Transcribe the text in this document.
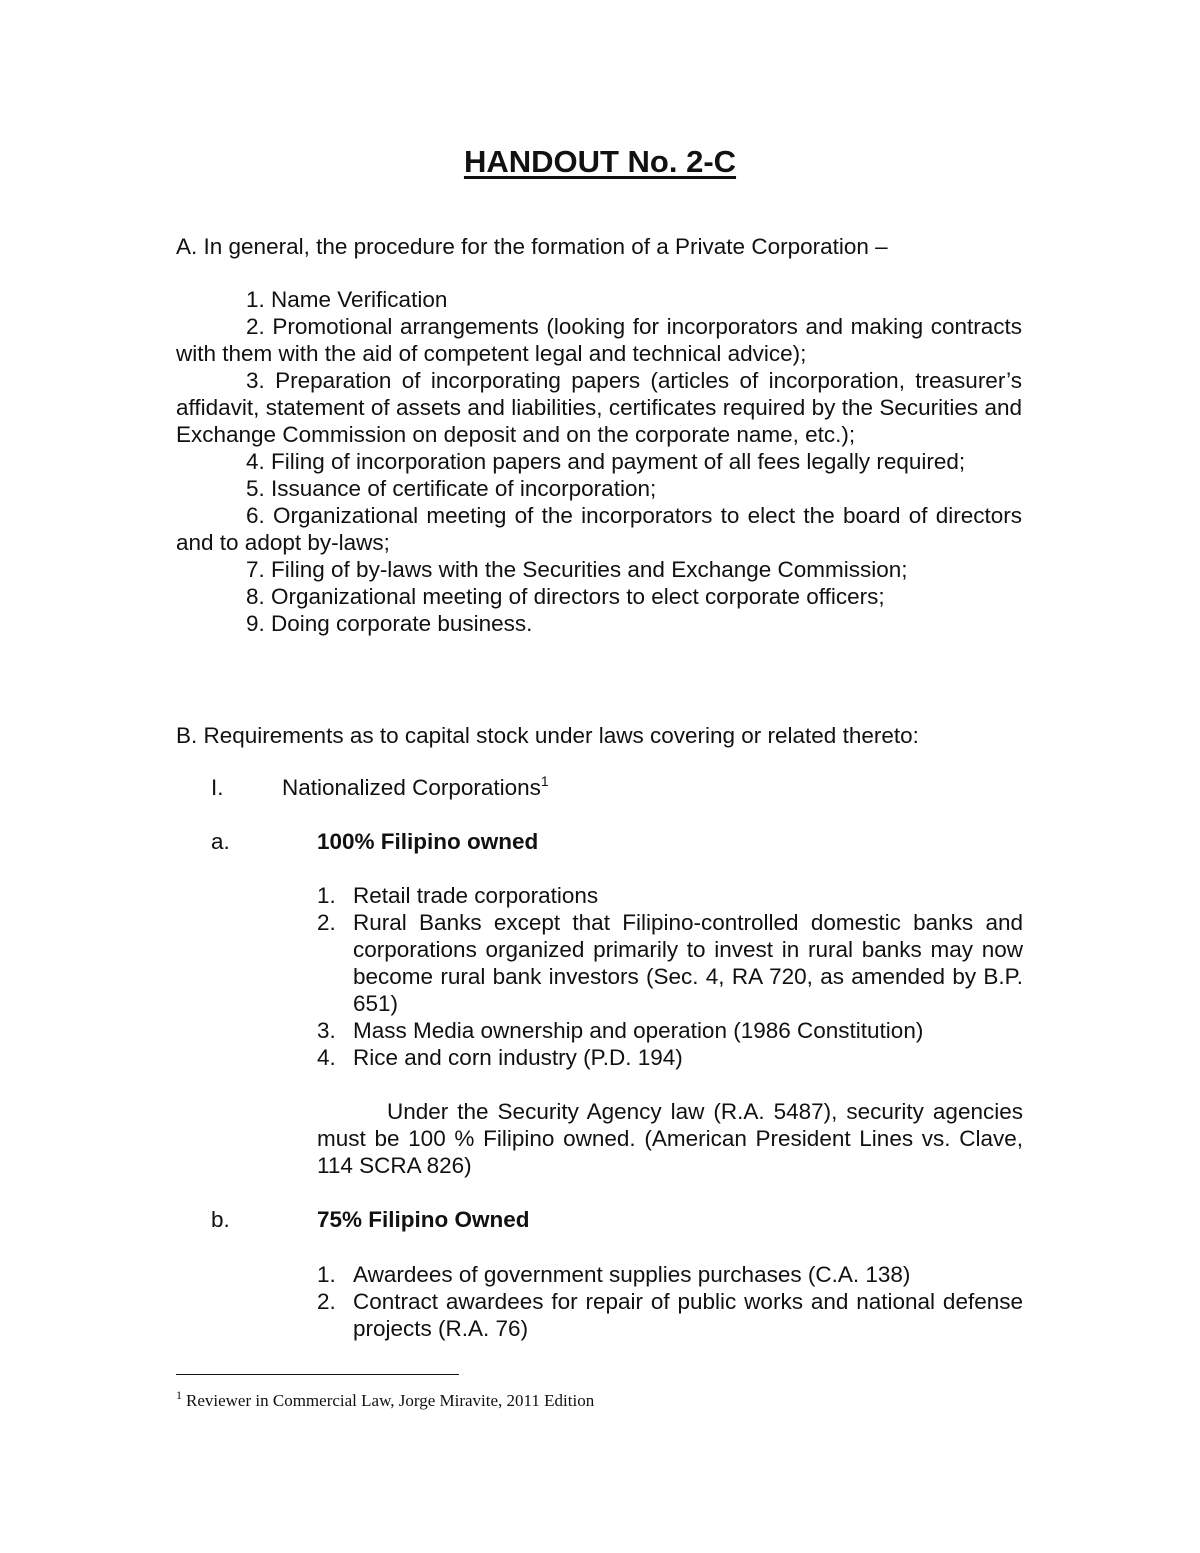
HANDOUT No. 2-C
A. In general, the procedure for the formation of a Private Corporation –

1. Name Verification

2. Promotional arrangements (looking for incorporators and making contracts with them with the aid of competent legal and technical advice);

3. Preparation of incorporating papers (articles of incorporation, treasurer’s affidavit, statement of assets and liabilities, certificates required by the Securities and Exchange Commission on deposit and on the corporate name, etc.);

4. Filing of incorporation papers and payment of all fees legally required;

5. Issuance of certificate of incorporation;

6. Organizational meeting of the incorporators to elect the board of directors and to adopt by-laws;

7. Filing of by-laws with the Securities and Exchange Commission;

8. Organizational meeting of directors to elect corporate officers;

9. Doing corporate business.

B. Requirements as to capital stock under laws covering or related thereto:
I.	Nationalized Corporations$^1$
a.	100% Filipino owned
1. Retail trade corporations
2. Rural Banks except that Filipino-controlled domestic banks and corporations organized primarily to invest in rural banks may now become rural bank investors (Sec. 4, RA 720, as amended by B.P. 651)
3. Mass Media ownership and operation (1986 Constitution)
4. Rice and corn industry (P.D. 194)
Under the Security Agency law (R.A. 5487), security agencies must be 100 % Filipino owned. (American President Lines vs. Clave, 114 SCRA 826)
b.	75% Filipino Owned
1. Awardees of government supplies purchases (C.A. 138)
2. Contract awardees for repair of public works and national defense projects (R.A. 76)
$^1$ Reviewer in Commercial Law, Jorge Miravite, 2011 Edition
